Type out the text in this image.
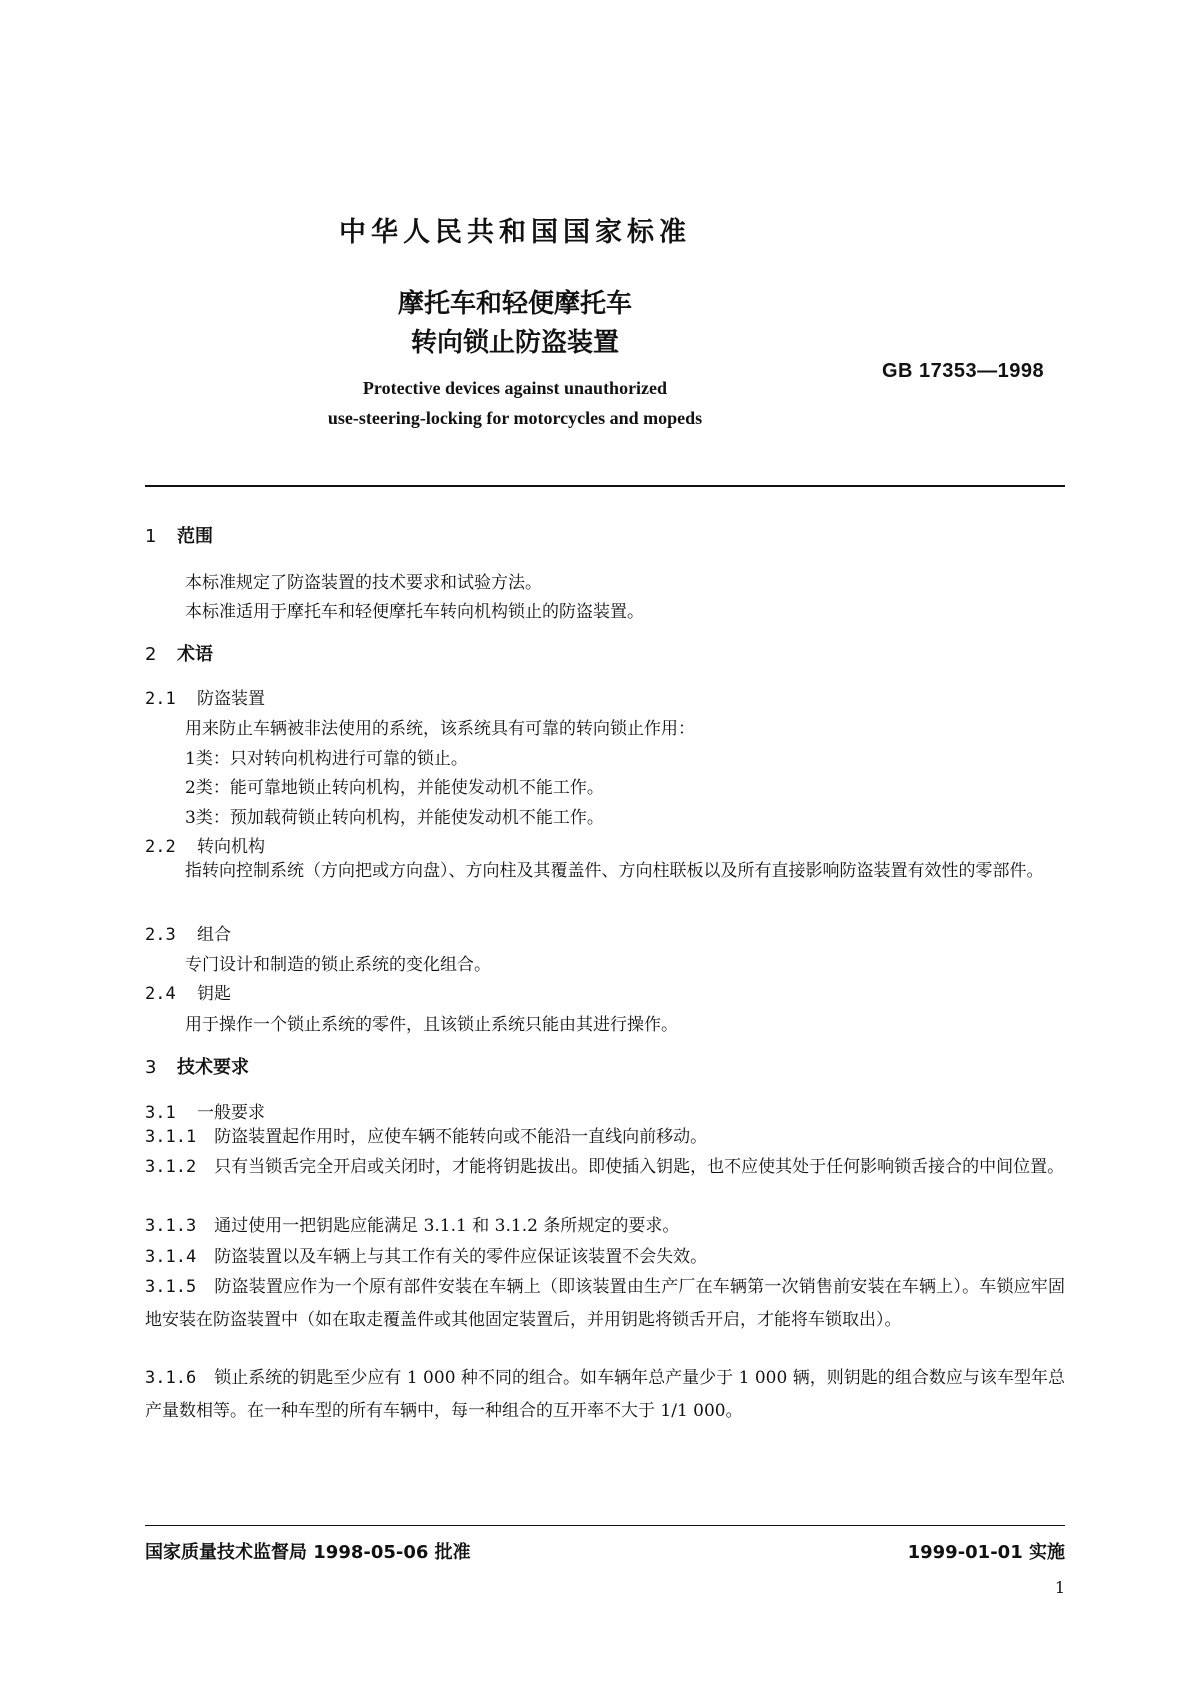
中华人民共和国国家标准
摩托车和轻便摩托车
转向锁止防盗装置
GB 17353—1998
Protective devices against unauthorized
use-steering-locking for motorcycles and mopeds
1 范围
本标准规定了防盗装置的技术要求和试验方法。
本标准适用于摩托车和轻便摩托车转向机构锁止的防盗装置。
2 术语
2.1 防盗装置
用来防止车辆被非法使用的系统，该系统具有可靠的转向锁止作用：
1类：只对转向机构进行可靠的锁止。
2类：能可靠地锁止转向机构，并能使发动机不能工作。
3类：预加载荷锁止转向机构，并能使发动机不能工作。
2.2 转向机构
指转向控制系统（方向把或方向盘）、方向柱及其覆盖件、方向柱联板以及所有直接影响防盗装置有效性的零部件。
2.3 组合
专门设计和制造的锁止系统的变化组合。
2.4 钥匙
用于操作一个锁止系统的零件，且该锁止系统只能由其进行操作。
3 技术要求
3.1 一般要求
3.1.1 防盗装置起作用时，应使车辆不能转向或不能沿一直线向前移动。
3.1.2 只有当锁舌完全开启或关闭时，才能将钥匙拔出。即使插入钥匙，也不应使其处于任何影响锁舌接合的中间位置。
3.1.3 通过使用一把钥匙应能满足 3.1.1 和 3.1.2 条所规定的要求。
3.1.4 防盗装置以及车辆上与其工作有关的零件应保证该装置不会失效。
3.1.5 防盗装置应作为一个原有部件安装在车辆上（即该装置由生产厂在车辆第一次销售前安装在车辆上）。车锁应牢固地安装在防盗装置中（如在取走覆盖件或其他固定装置后，并用钥匙将锁舌开启，才能将车锁取出）。
3.1.6 锁止系统的钥匙至少应有 1 000 种不同的组合。如车辆年总产量少于 1 000 辆，则钥匙的组合数应与该车型年总产量数相等。在一种车型的所有车辆中，每一种组合的互开率不大于 1/1 000。
国家质量技术监督局 1998-05-06 批准	1999-01-01 实施
1
